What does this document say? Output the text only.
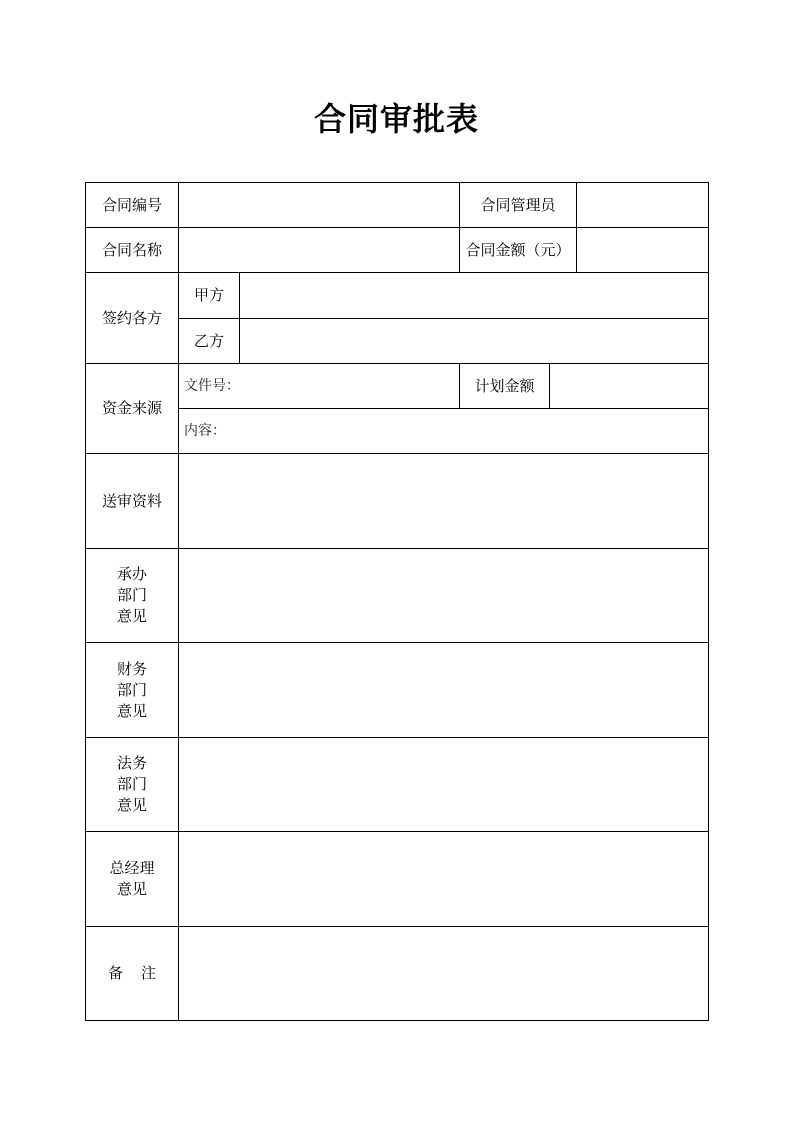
合同审批表
合同编号			合同管理员		
合同名称			合同金额（元）		
签约各方	甲方				
	乙方				
资金来源	文件号：		计划金额		
	内容：				
送审资料					

承办
部门
意见					

财务
部门
意见					

法务
部门
意见					

总经理
意见					

备 注					
